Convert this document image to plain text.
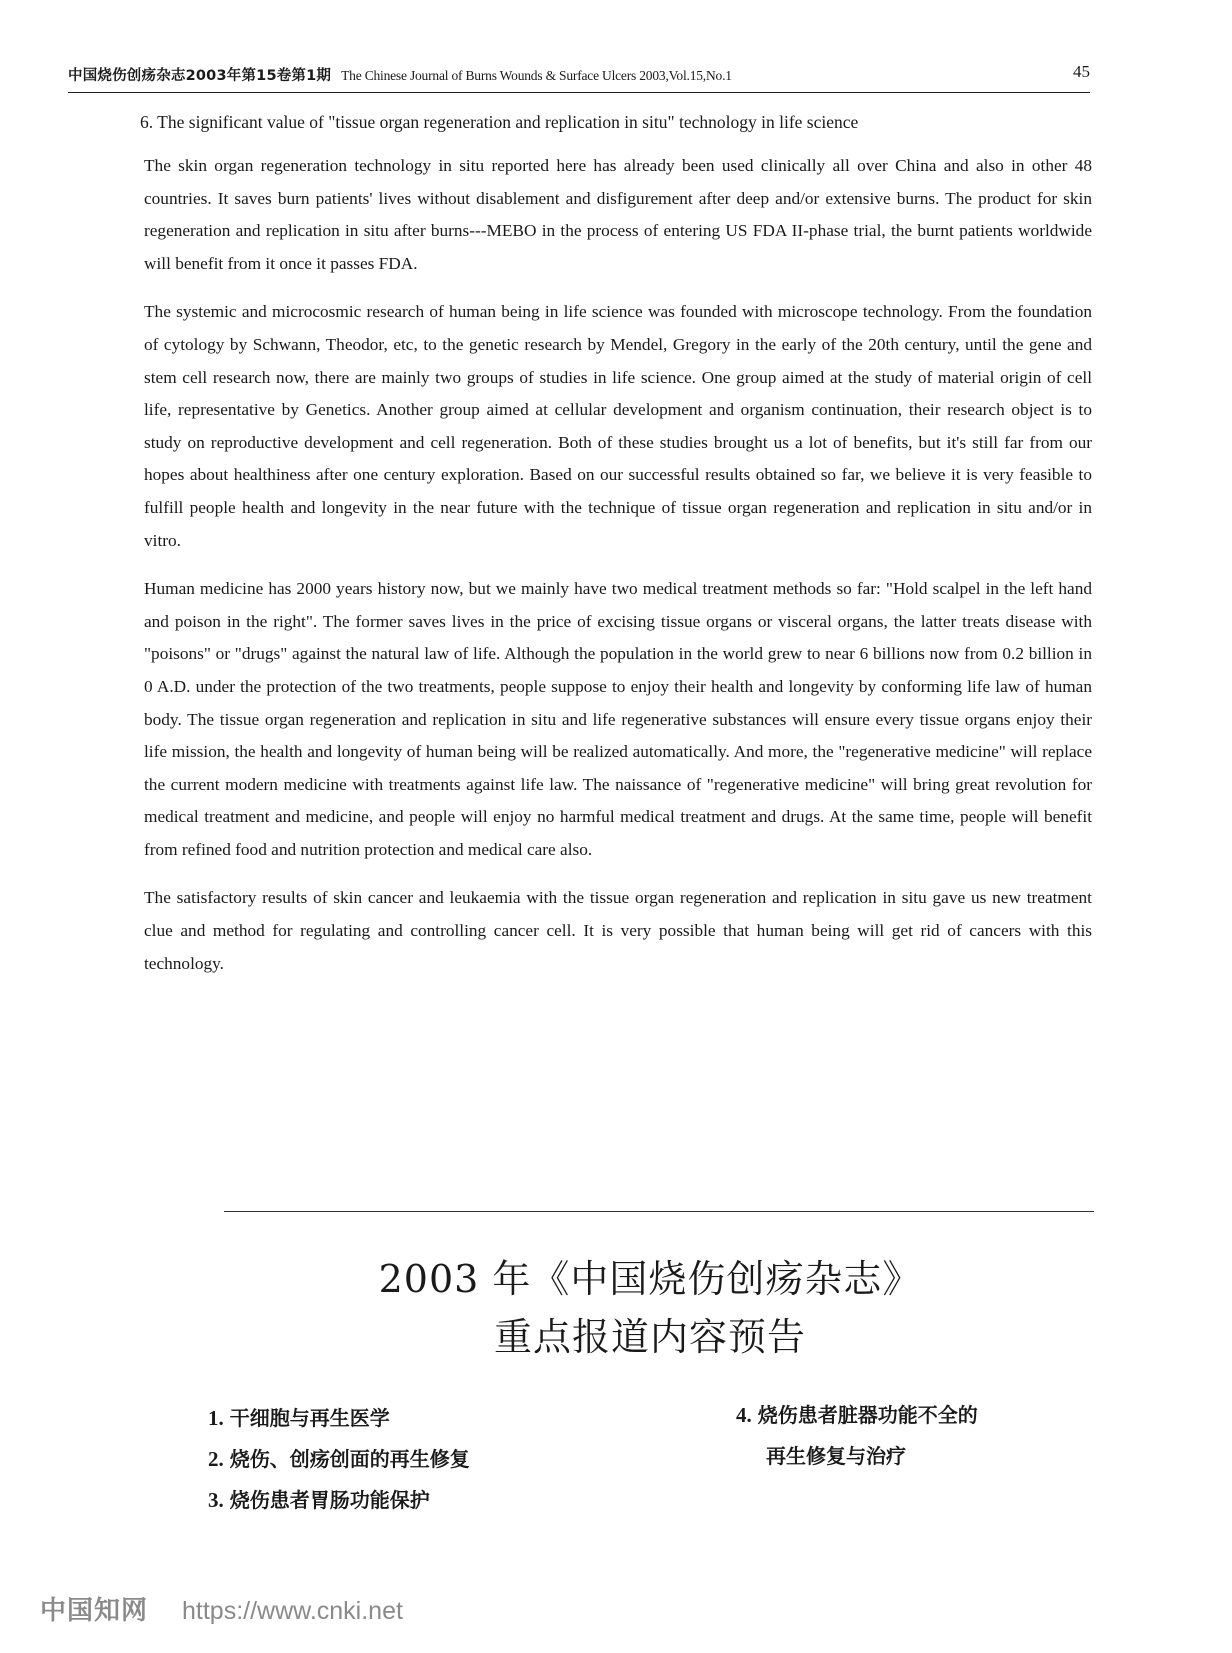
中国烧伤创疡杂志2003年第15卷第1期 The Chinese Journal of Burns Wounds & Surface Ulcers 2003,Vol.15,No.1	45
6. The significant value of "tissue organ regeneration and replication in situ" technology in life science

The skin organ regeneration technology in situ reported here has already been used clinically all over China and also in other 48 countries. It saves burn patients' lives without disablement and disfigurement after deep and/or extensive burns. The product for skin regeneration and replication in situ after burns---MEBO in the process of entering US FDA II-phase trial, the burnt patients worldwide will benefit from it once it passes FDA.

The systemic and microcosmic research of human being in life science was founded with microscope technology. From the foundation of cytology by Schwann, Theodor, etc, to the genetic research by Mendel, Gregory in the early of the 20th century, until the gene and stem cell research now, there are mainly two groups of studies in life science. One group aimed at the study of material origin of cell life, representative by Genetics. Another group aimed at cellular development and organism continuation, their research object is to study on reproductive development and cell regeneration. Both of these studies brought us a lot of benefits, but it's still far from our hopes about healthiness after one century exploration. Based on our successful results obtained so far, we believe it is very feasible to fulfill people health and longevity in the near future with the technique of tissue organ regeneration and replication in situ and/or in vitro.

Human medicine has 2000 years history now, but we mainly have two medical treatment methods so far: "Hold scalpel in the left hand and poison in the right". The former saves lives in the price of excising tissue organs or visceral organs, the latter treats disease with "poisons" or "drugs" against the natural law of life. Although the population in the world grew to near 6 billions now from 0.2 billion in 0 A.D. under the protection of the two treatments, people suppose to enjoy their health and longevity by conforming life law of human body. The tissue organ regeneration and replication in situ and life regenerative substances will ensure every tissue organs enjoy their life mission, the health and longevity of human being will be realized automatically. And more, the "regenerative medicine" will replace the current modern medicine with treatments against life law. The naissance of "regenerative medicine" will bring great revolution for medical treatment and medicine, and people will enjoy no harmful medical treatment and drugs. At the same time, people will benefit from refined food and nutrition protection and medical care also.

The satisfactory results of skin cancer and leukaemia with the tissue organ regeneration and replication in situ gave us new treatment clue and method for regulating and controlling cancer cell. It is very possible that human being will get rid of cancers with this technology.

2003 年《中国烧伤创疡杂志》
重点报道内容预告
1. 干细胞与再生医学
2. 烧伤、创疡创面的再生修复
3. 烧伤患者胃肠功能保护
4. 烧伤患者脏器功能不全的
再生修复与治疗
中国知网 https://www.cnki.net
